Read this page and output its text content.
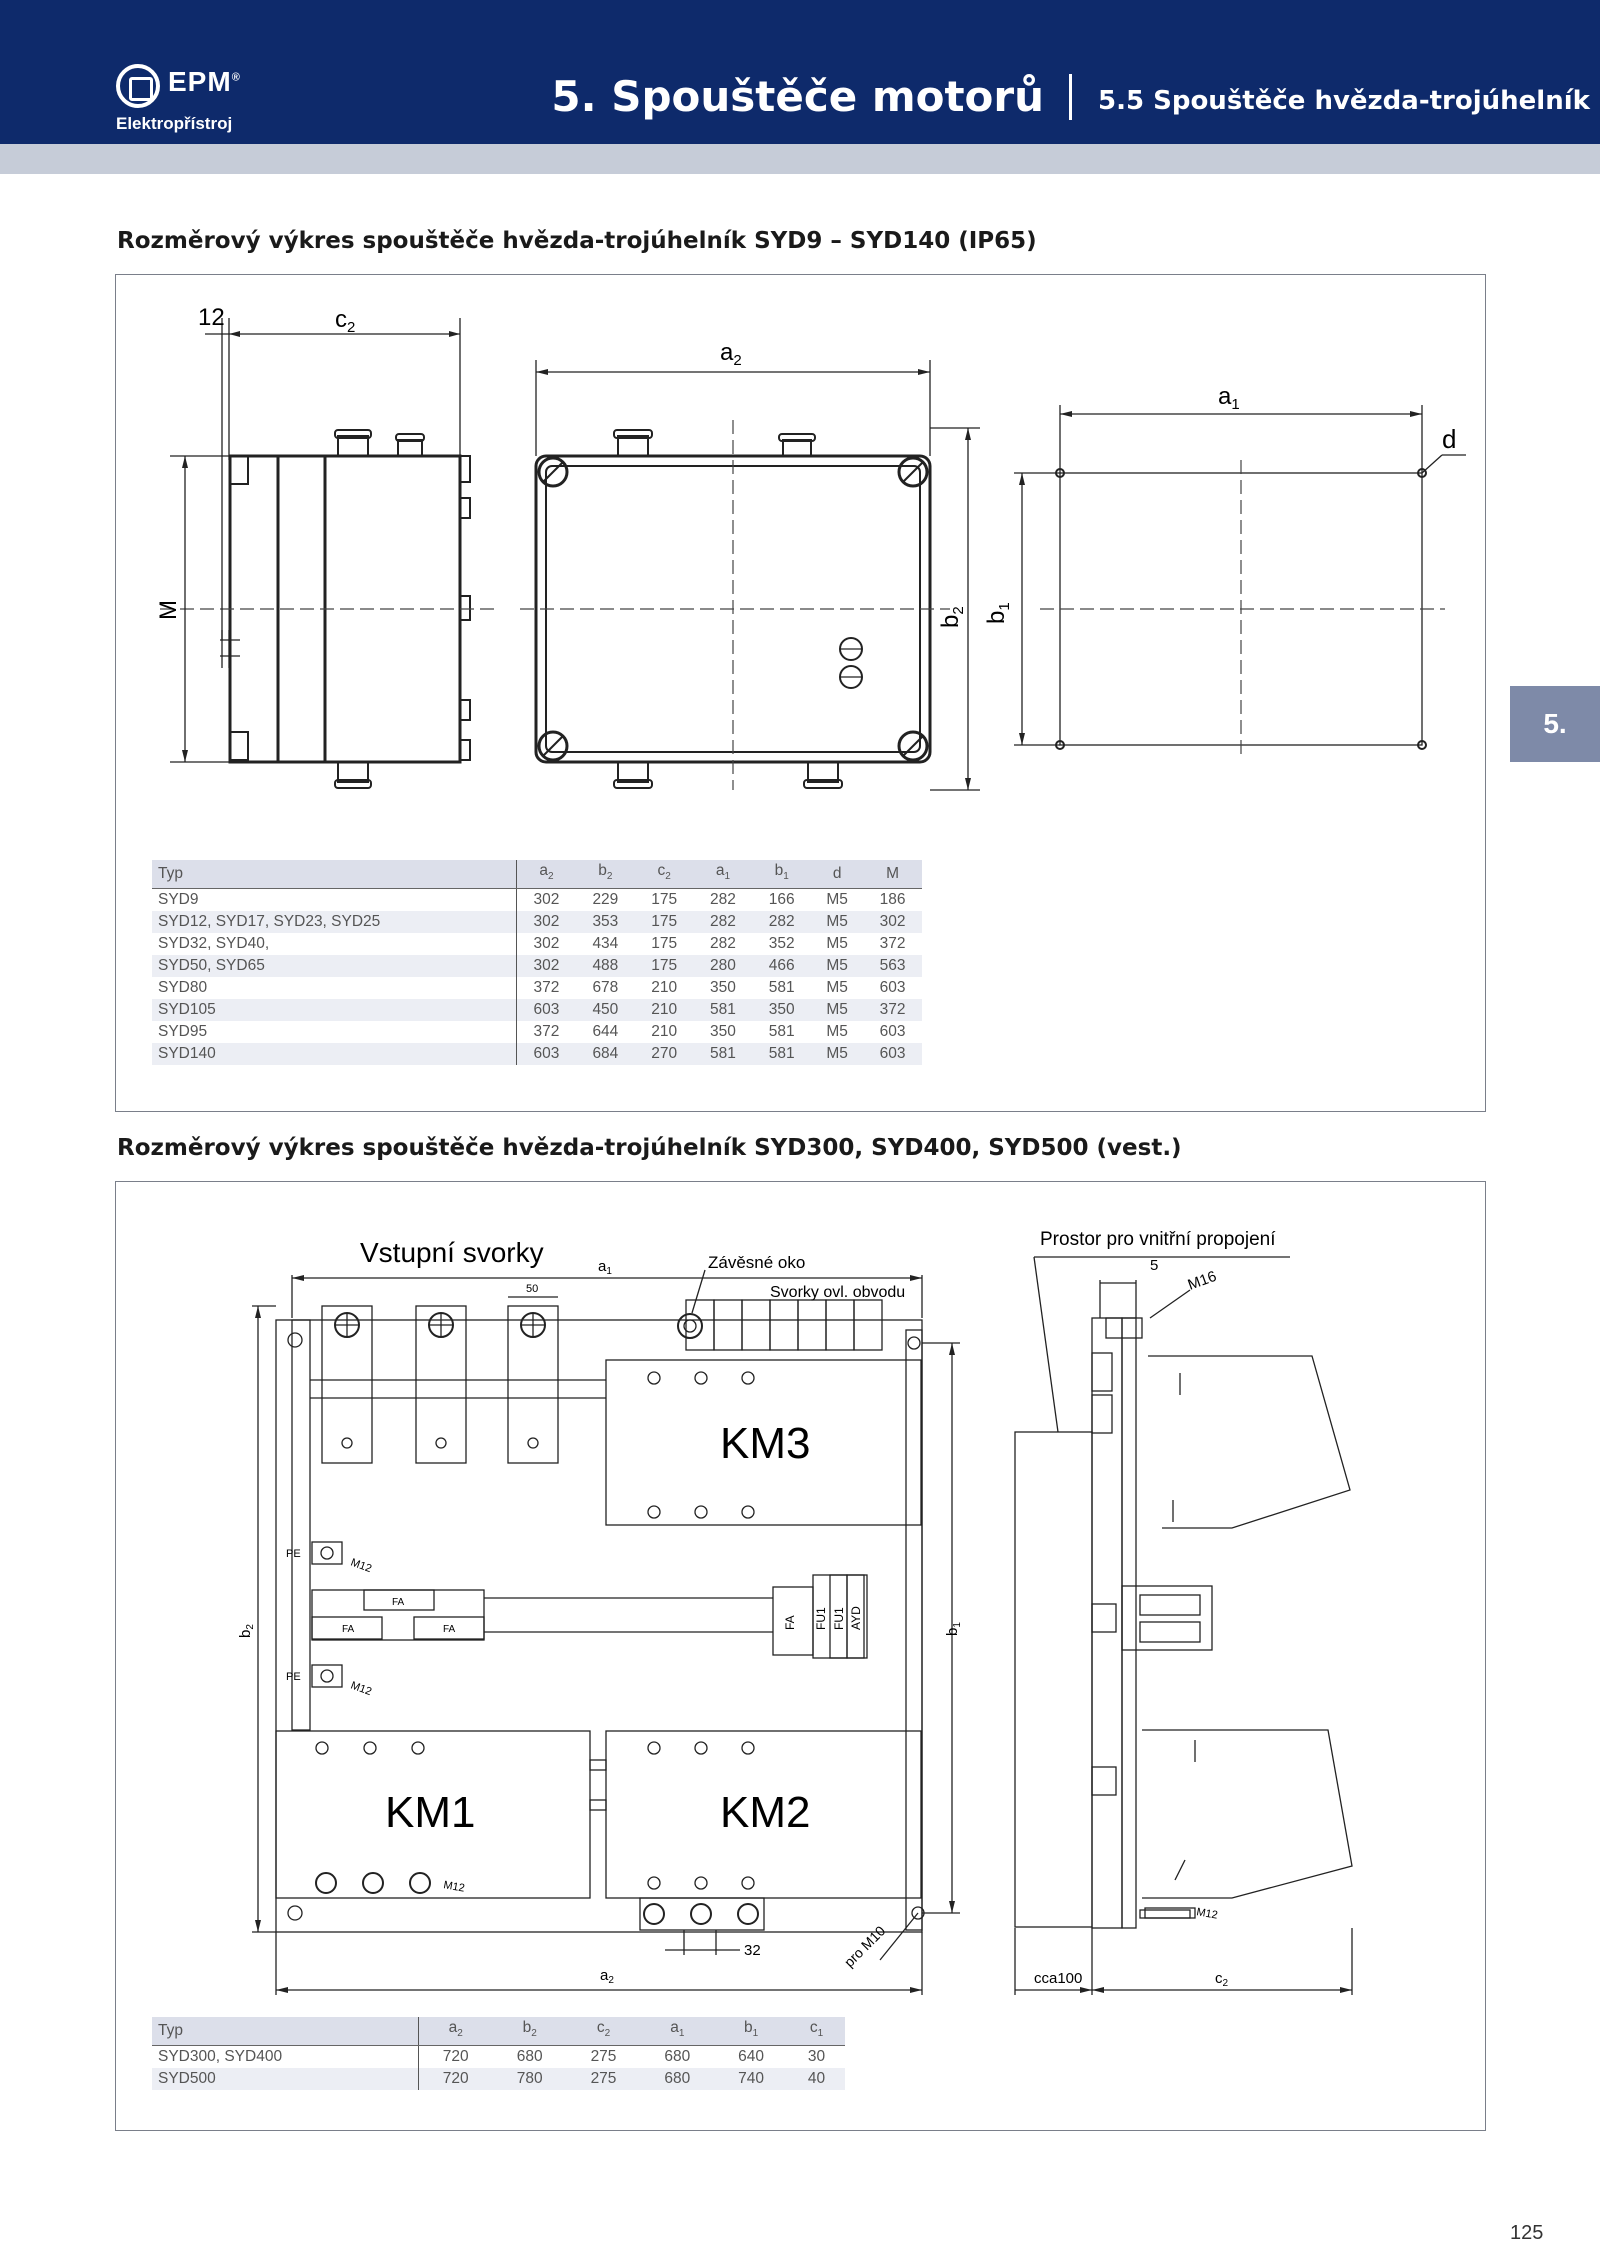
EPM®
Elektropřístroj
5. Spouštěče motorů 5.5 Spouštěče hvězda-trojúhelník
5.
Rozměrový výkres spouštěče hvězda-trojúhelník SYD9 – SYD140 (IP65)
12	$c_2$
M
$a_2$
$b_2$
$a_1$
d
$b_1$
Typ	$a_2$	$b_2$	$c_2$	$a_1$	$b_1$	d	M
SYD9	302	229	175	282	166	M5	186
SYD12, SYD17, SYD23, SYD25	302	353	175	282	282	M5	302
SYD32, SYD40,	302	434	175	282	352	M5	372
SYD50, SYD65	302	488	175	280	466	M5	563
SYD80	372	678	210	350	581	M5	603
SYD105	603	450	210	581	350	M5	372
SYD95	372	644	210	350	581	M5	603
SYD140	603	684	270	581	581	M5	603
Rozměrový výkres spouštěče hvězda-trojúhelník SYD300, SYD400, SYD500 (vest.)
Vstupní svorky	$a_1$	Závěsné oko
50	Svorky ovl. obvodu
KM3
KM1	KM2
PE
M12
PE
M12
FA
FA	FA	FA FU1 FU1 AYD
$b_2$
$b_1$
M12
32	pro M10
$a_2$
Prostor pro vnitřní propojení
5
M16
M12
cca100	$c_2$
Typ	$a_2$	$b_2$	$c_2$	$a_1$	$b_1$	$c_1$
SYD300, SYD400	720	680	275	680	640	30
SYD500	720	780	275	680	740	40
125
